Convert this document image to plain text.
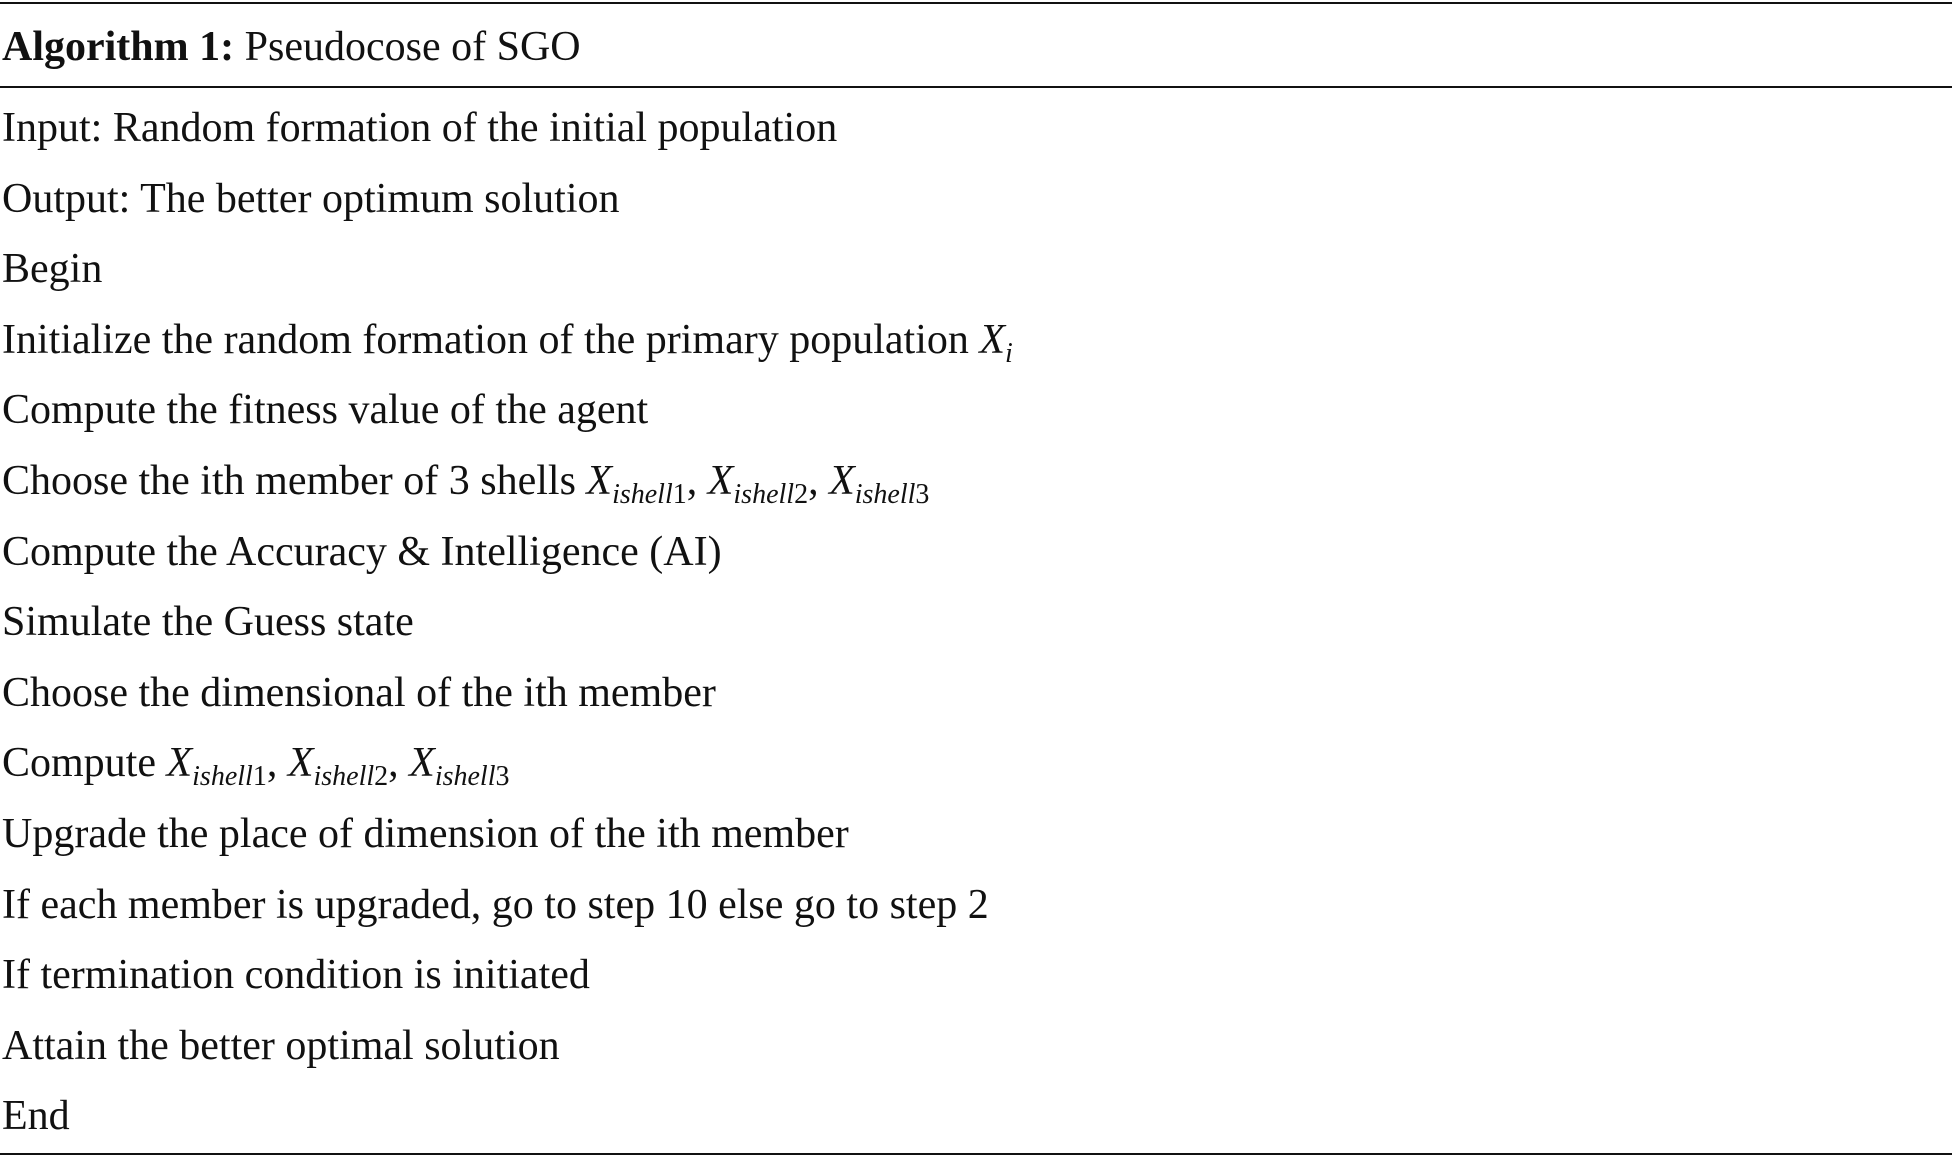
Algorithm 1: Pseudocose of SGO
Input: Random formation of the initial population
Output: The better optimum solution
Begin
Initialize the random formation of the primary population $X_i$
Compute the fitness value of the agent
Choose the ith member of 3 shells $X_{ishell1}$, $X_{ishell2}$, $X_{ishell3}$
Compute the Accuracy & Intelligence (AI)
Simulate the Guess state
Choose the dimensional of the ith member
Compute $X_{ishell1}$, $X_{ishell2}$, $X_{ishell3}$
Upgrade the place of dimension of the ith member
If each member is upgraded, go to step 10 else go to step 2
If termination condition is initiated
Attain the better optimal solution
End
